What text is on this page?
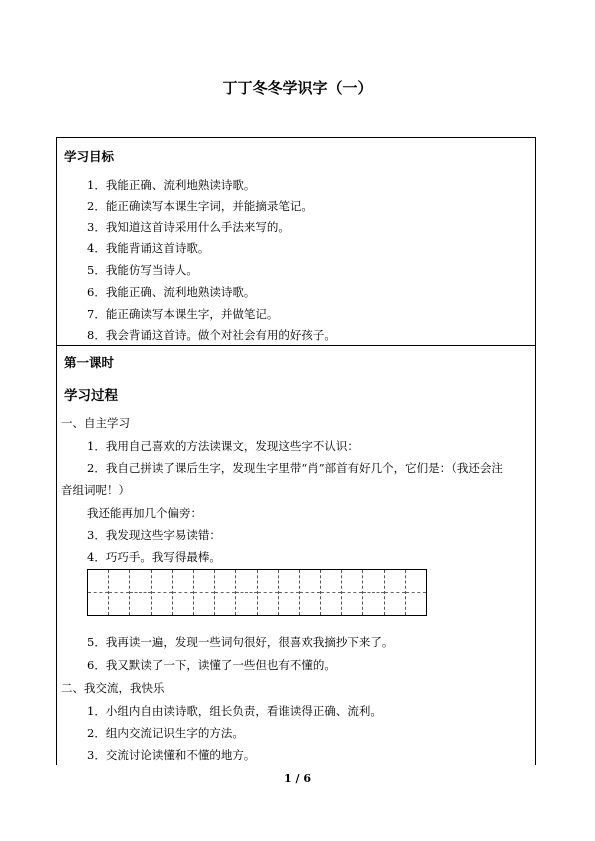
丁丁冬冬学识字（一）
学习目标
1．我能正确、流利地熟读诗歌。
2．能正确读写本课生字词，并能摘录笔记。
3．我知道这首诗采用什么手法来写的。
4．我能背诵这首诗歌。
5．我能仿写当诗人。
6．我能正确、流利地熟读诗歌。
7．能正确读写本课生字，并做笔记。
8．我会背诵这首诗。做个对社会有用的好孩子。
第一课时
学习过程
一、自主学习
1．我用自己喜欢的方法读课文，发现这些字不认识：
2．我自己拼读了课后生字，发现生字里带“肖”部首有好几个，它们是：（我还会注
音组词呢！）
我还能再加几个偏旁：
3．我发现这些字易读错：
4．巧巧手。我写得最棒。
5．我再读一遍，发现一些词句很好，很喜欢我摘抄下来了。
6．我又默读了一下，读懂了一些但也有不懂的。
二、我交流，我快乐
1．小组内自由读诗歌，组长负责，看谁读得正确、流利。
2．组内交流记识生字的方法。
3．交流讨论读懂和不懂的地方。
1 / 6
